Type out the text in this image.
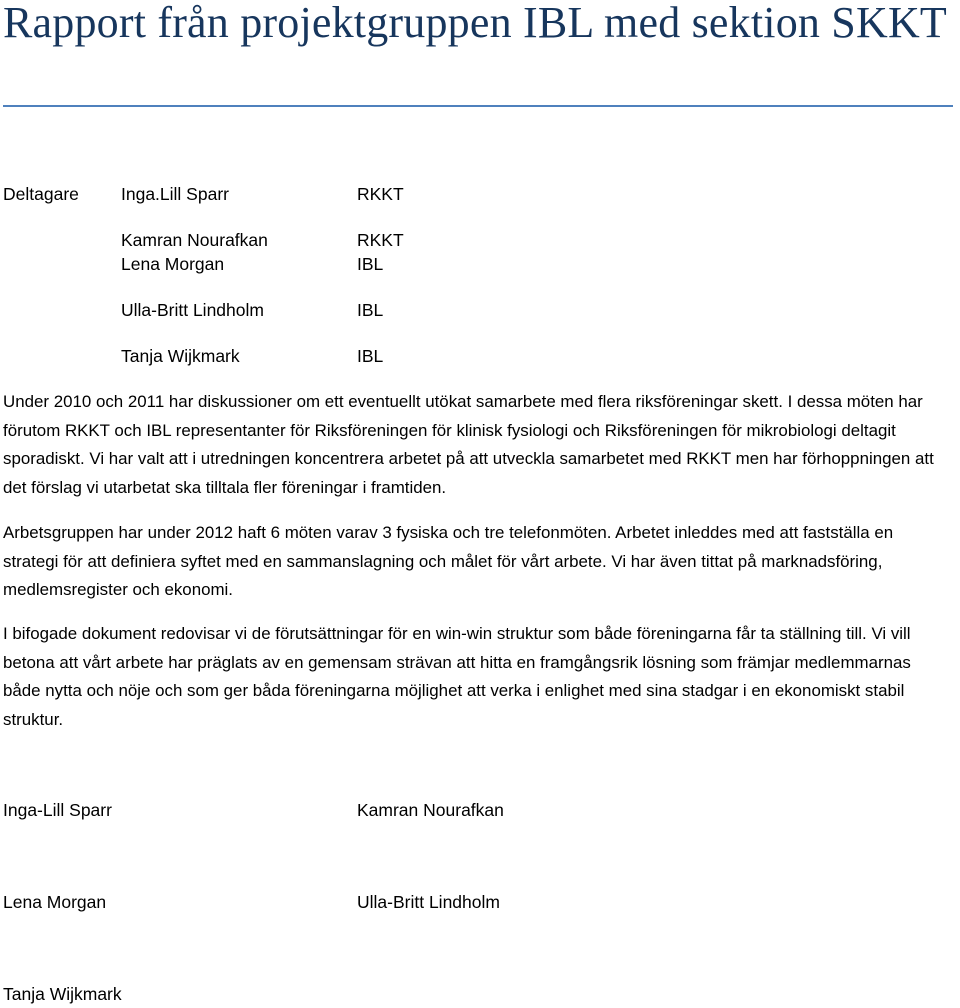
Rapport från projektgruppen IBL med sektion SKKT
Deltagare Inga.Lill Sparr	RKKT
Kamran Nourafkan	RKKT
Lena Morgan	IBL
Ulla-Britt Lindholm	IBL
Tanja Wijkmark	IBL

Under 2010 och 2011 har diskussioner om ett eventuellt utökat samarbete med flera riksföreningar skett. I dessa möten har förutom RKKT och IBL representanter för Riksföreningen för klinisk fysiologi och Riksföreningen för mikrobiologi deltagit sporadiskt. Vi har valt att i utredningen koncentrera arbetet på att utveckla samarbetet med RKKT men har förhoppningen att det förslag vi utarbetat ska tilltala fler föreningar i framtiden.

Arbetsgruppen har under 2012 haft 6 möten varav 3 fysiska och tre telefonmöten. Arbetet inleddes med att fastställa en strategi för att definiera syftet med en sammanslagning och målet för vårt arbete. Vi har även tittat på marknadsföring, medlemsregister och ekonomi.

I bifogade dokument redovisar vi de förutsättningar för en win-win struktur som både föreningarna får ta ställning till. Vi vill betona att vårt arbete har präglats av en gemensam strävan att hitta en framgångsrik lösning som främjar medlemmarnas både nytta och nöje och som ger båda föreningarna möjlighet att verka i enlighet med sina stadgar i en ekonomiskt stabil struktur.

Inga-Lill Sparr	Kamran Nourafkan
Lena Morgan	Ulla-Britt Lindholm
Tanja Wijkmark
